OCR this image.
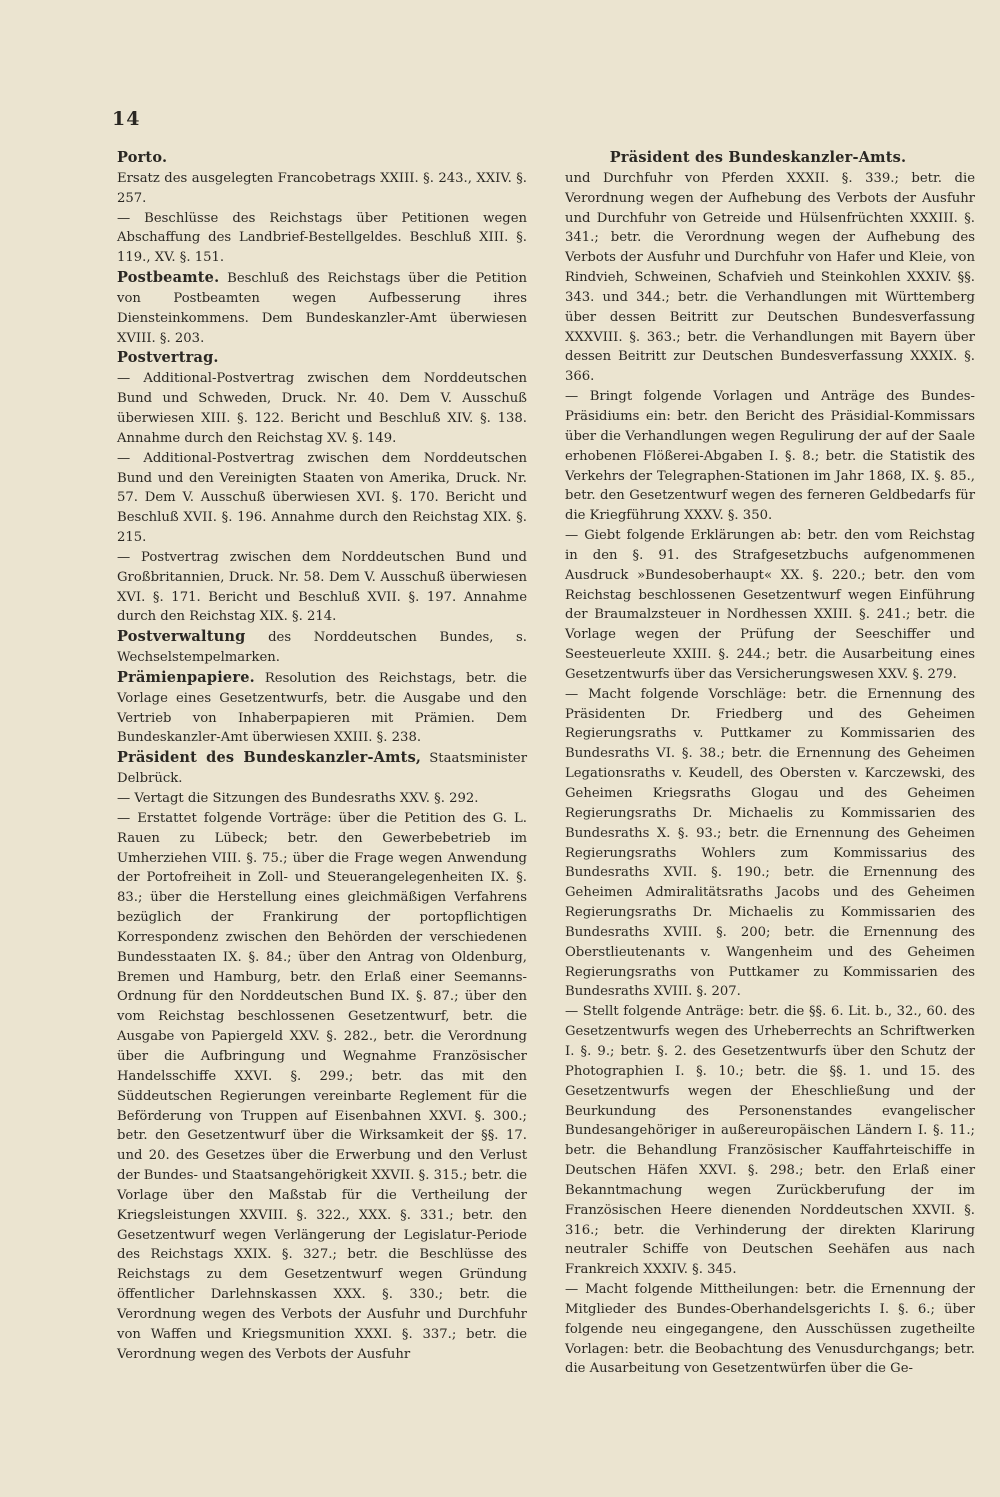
14

Porto.

Ersatz des ausgelegten Francobetrags XXIII. §. 243., XXIV. §. 257.

— Beschlüsse des Reichstags über Petitionen wegen Abschaffung des Landbrief-Bestellgeldes. Beschluß XIII. §. 119., XV. §. 151.

Postbeamte. Beschluß des Reichstags über die Petition von Postbeamten wegen Aufbesserung ihres Diensteinkommens. Dem Bundeskanzler-Amt überwiesen XVIII. §. 203.

Postvertrag.

— Additional-Postvertrag zwischen dem Norddeutschen Bund und Schweden, Druck. Nr. 40. Dem V. Ausschuß überwiesen XIII. §. 122. Bericht und Beschluß XIV. §. 138. Annahme durch den Reichstag XV. §. 149.

— Additional-Postvertrag zwischen dem Norddeutschen Bund und den Vereinigten Staaten von Amerika, Druck. Nr. 57. Dem V. Ausschuß überwiesen XVI. §. 170. Bericht und Beschluß XVII. §. 196. Annahme durch den Reichstag XIX. §. 215.

— Postvertrag zwischen dem Norddeutschen Bund und Großbritannien, Druck. Nr. 58. Dem V. Ausschuß überwiesen XVI. §. 171. Bericht und Beschluß XVII. §. 197. Annahme durch den Reichstag XIX. §. 214.

Postverwaltung des Norddeutschen Bundes, s. Wechselstempelmarken.

Prämienpapiere. Resolution des Reichstags, betr. die Vorlage eines Gesetzentwurfs, betr. die Ausgabe und den Vertrieb von Inhaberpapieren mit Prämien. Dem Bundeskanzler-Amt überwiesen XXIII. §. 238.

Präsident des Bundeskanzler-Amts, Staatsminister Delbrück.

— Vertagt die Sitzungen des Bundesraths XXV. §. 292.

— Erstattet folgende Vorträge: über die Petition des G. L. Rauen zu Lübeck; betr. den Gewerbebetrieb im Umherziehen VIII. §. 75.; über die Frage wegen Anwendung der Portofreiheit in Zoll- und Steuerangelegenheiten IX. §. 83.; über die Herstellung eines gleichmäßigen Verfahrens bezüglich der Frankirung der portopflichtigen Korrespondenz zwischen den Behörden der verschiedenen Bundesstaaten IX. §. 84.; über den Antrag von Oldenburg, Bremen und Hamburg, betr. den Erlaß einer Seemanns-Ordnung für den Norddeutschen Bund IX. §. 87.; über den vom Reichstag beschlossenen Gesetzentwurf, betr. die Ausgabe von Papiergeld XXV. §. 282., betr. die Verordnung über die Aufbringung und Wegnahme Französischer Handelsschiffe XXVI. §. 299.; betr. das mit den Süddeutschen Regierungen vereinbarte Reglement für die Beförderung von Truppen auf Eisenbahnen XXVI. §. 300.; betr. den Gesetzentwurf über die Wirksamkeit der §§. 17. und 20. des Gesetzes über die Erwerbung und den Verlust der Bundes- und Staatsangehörigkeit XXVII. §. 315.; betr. die Vorlage über den Maßstab für die Vertheilung der Kriegsleistungen XXVIII. §. 322., XXX. §. 331.; betr. den Gesetzentwurf wegen Verlängerung der Legislatur-Periode des Reichstags XXIX. §. 327.; betr. die Beschlüsse des Reichstags zu dem Gesetzentwurf wegen Gründung öffentlicher Darlehnskassen XXX. §. 330.; betr. die Verordnung wegen des Verbots der Ausfuhr und Durchfuhr von Waffen und Kriegsmunition XXXI. §. 337.; betr. die Verordnung wegen des Verbots der Ausfuhr

Präsident des Bundeskanzler-Amts.

und Durchfuhr von Pferden XXXII. §. 339.; betr. die Verordnung wegen der Aufhebung des Verbots der Ausfuhr und Durchfuhr von Getreide und Hülsenfrüchten XXXIII. §. 341.; betr. die Verordnung wegen der Aufhebung des Verbots der Ausfuhr und Durchfuhr von Hafer und Kleie, von Rindvieh, Schweinen, Schafvieh und Steinkohlen XXXIV. §§. 343. und 344.; betr. die Verhandlungen mit Württemberg über dessen Beitritt zur Deutschen Bundesverfassung XXXVIII. §. 363.; betr. die Verhandlungen mit Bayern über dessen Beitritt zur Deutschen Bundesverfassung XXXIX. §. 366.

— Bringt folgende Vorlagen und Anträge des Bundes-Präsidiums ein: betr. den Bericht des Präsidial-Kommissars über die Verhandlungen wegen Regulirung der auf der Saale erhobenen Flößerei-Abgaben I. §. 8.; betr. die Statistik des Verkehrs der Telegraphen-Stationen im Jahr 1868, IX. §. 85., betr. den Gesetzentwurf wegen des ferneren Geldbedarfs für die Kriegführung XXXV. §. 350.

— Giebt folgende Erklärungen ab: betr. den vom Reichstag in den §. 91. des Strafgesetzbuchs aufgenommenen Ausdruck »Bundesoberhaupt« XX. §. 220.; betr. den vom Reichstag beschlossenen Gesetzentwurf wegen Einführung der Braumalzsteuer in Nordhessen XXIII. §. 241.; betr. die Vorlage wegen der Prüfung der Seeschiffer und Seesteuerleute XXIII. §. 244.; betr. die Ausarbeitung eines Gesetzentwurfs über das Versicherungswesen XXV. §. 279.

— Macht folgende Vorschläge: betr. die Ernennung des Präsidenten Dr. Friedberg und des Geheimen Regierungsraths v. Puttkamer zu Kommissarien des Bundesraths VI. §. 38.; betr. die Ernennung des Geheimen Legationsraths v. Keudell, des Obersten v. Karczewski, des Geheimen Kriegsraths Glogau und des Geheimen Regierungsraths Dr. Michaelis zu Kommissarien des Bundesraths X. §. 93.; betr. die Ernennung des Geheimen Regierungsraths Wohlers zum Kommissarius des Bundesraths XVII. §. 190.; betr. die Ernennung des Geheimen Admiralitätsraths Jacobs und des Geheimen Regierungsraths Dr. Michaelis zu Kommissarien des Bundesraths XVIII. §. 200; betr. die Ernennung des Oberstlieutenants v. Wangenheim und des Geheimen Regierungsraths von Puttkamer zu Kommissarien des Bundesraths XVIII. §. 207.

— Stellt folgende Anträge: betr. die §§. 6. Lit. b., 32., 60. des Gesetzentwurfs wegen des Urheberrechts an Schriftwerken I. §. 9.; betr. §. 2. des Gesetzentwurfs über den Schutz der Photographien I. §. 10.; betr. die §§. 1. und 15. des Gesetzentwurfs wegen der Eheschließung und der Beurkundung des Personenstandes evangelischer Bundesangehöriger in außereuropäischen Ländern I. §. 11.; betr. die Behandlung Französischer Kauffahrteischiffe in Deutschen Häfen XXVI. §. 298.; betr. den Erlaß einer Bekanntmachung wegen Zurückberufung der im Französischen Heere dienenden Norddeutschen XXVII. §. 316.; betr. die Verhinderung der direkten Klarirung neutraler Schiffe von Deutschen Seehäfen aus nach Frankreich XXXIV. §. 345.

— Macht folgende Mittheilungen: betr. die Ernennung der Mitglieder des Bundes-Oberhandelsgerichts I. §. 6.; über folgende neu eingegangene, den Ausschüssen zugetheilte Vorlagen: betr. die Beobachtung des Venusdurchgangs; betr. die Ausarbeitung von Gesetzentwürfen über die Ge-
